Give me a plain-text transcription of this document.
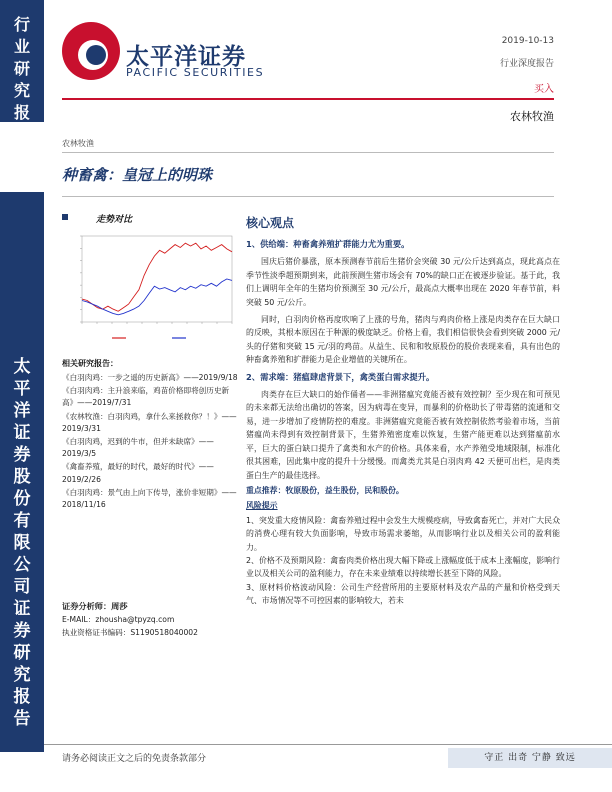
行业研究报告
太平洋证券股份有限公司证券研究报告
太平洋证券
PACIFIC SECURITIES
2019-10-13
行业深度报告
买入
农林牧渔
农林牧渔
种畜禽：皇冠上的明珠
走势对比
相关研究报告：
《白羽肉鸡：一步之遥的历史新高》——2019/9/18
《白羽肉鸡：主升浪来临，鸡苗价格即将创历史新高》——2019/7/31
《农林牧渔：白羽肉鸡，拿什么来拯救你？！》——2019/3/31
《白羽肉鸡，迟到的牛市，但并未缺席》——2019/3/5
《禽畜养殖，最好的时代，最好的时代》——2019/2/26
《白羽肉鸡：景气由上向下传导，涨价非短期》——2018/11/16
证券分析师：周莎
E-MAIL：zhousha@tpyzq.com
执业资格证书编码：S1190518040002
核心观点
1、供给端：种畜禽养殖扩群能力尤为重要。

国庆后猪价暴涨，原本预测春节前后生猪价会突破 30 元/公斤达到高点，现此高点在季节性淡季超预期到来，此前预测生猪市场会有 70%的缺口正在被逐步验证。基于此，我们上调明年全年的生猪均价预测至 30 元/公斤，最高点大概率出现在 2020 年春节前，料突破 50 元/公斤。

同时，白羽肉价格再度吹响了上涨的号角，猪肉与鸡肉价格上涨是肉类存在巨大缺口的反映，其根本原因在于种源的极度缺乏。价格上看，我们相信很快会看到突破 2000 元/头的仔猪和突破 15 元/羽的鸡苗。从益生、民和和牧原股份的股价表现来看，具有出色的种畜禽养殖和扩群能力是企业增值的关键所在。

2、需求端：猪瘟肆虐背景下，禽类蛋白需求提升。

肉类存在巨大缺口的始作俑者——非洲猪瘟究竟能否被有效控制？至少现在和可预见的未来都无法给出确切的答案，因为病毒在变异，而暴利的价格助长了带毒猪的流通和交易，进一步增加了疫情防控的难度。非洲猪瘟究竟能否被有效控制依然考验着市场，当前猪瘟尚未得到有效控制背景下，生猪养殖密度难以恢复，生猪产能更难以达到猪瘟前水平，巨大的蛋白缺口提升了禽类和水产的价格。具体来看，水产养殖受地域限制，标准化很其困难，因此集中度的提升十分缓慢。而禽类尤其是白羽肉鸡 42 天便可出栏，是肉类蛋白生产的最佳选择。

重点推荐：牧原股份，益生股份，民和股份。
风险提示

1、突发重大疫情风险：禽畜养殖过程中会发生大规模疫病，导致禽畜死亡，并对广大民众的消费心理有较大负面影响，导致市场需求萎缩，从而影响行业以及相关公司的盈利能力。

2、价格不及预期风险：禽畜肉类价格出现大幅下降或上涨幅度低于成本上涨幅度，影响行业以及相关公司的盈利能力，存在未来业绩难以持续增长甚至下降的风险。

3、原材料价格波动风险：公司生产经营所用的主要原材料及农产品的产量和价格受到天气、市场情况等不可控因素的影响较大，若未

请务必阅读正文之后的免责条款部分	守正 出奇 宁静 致远
